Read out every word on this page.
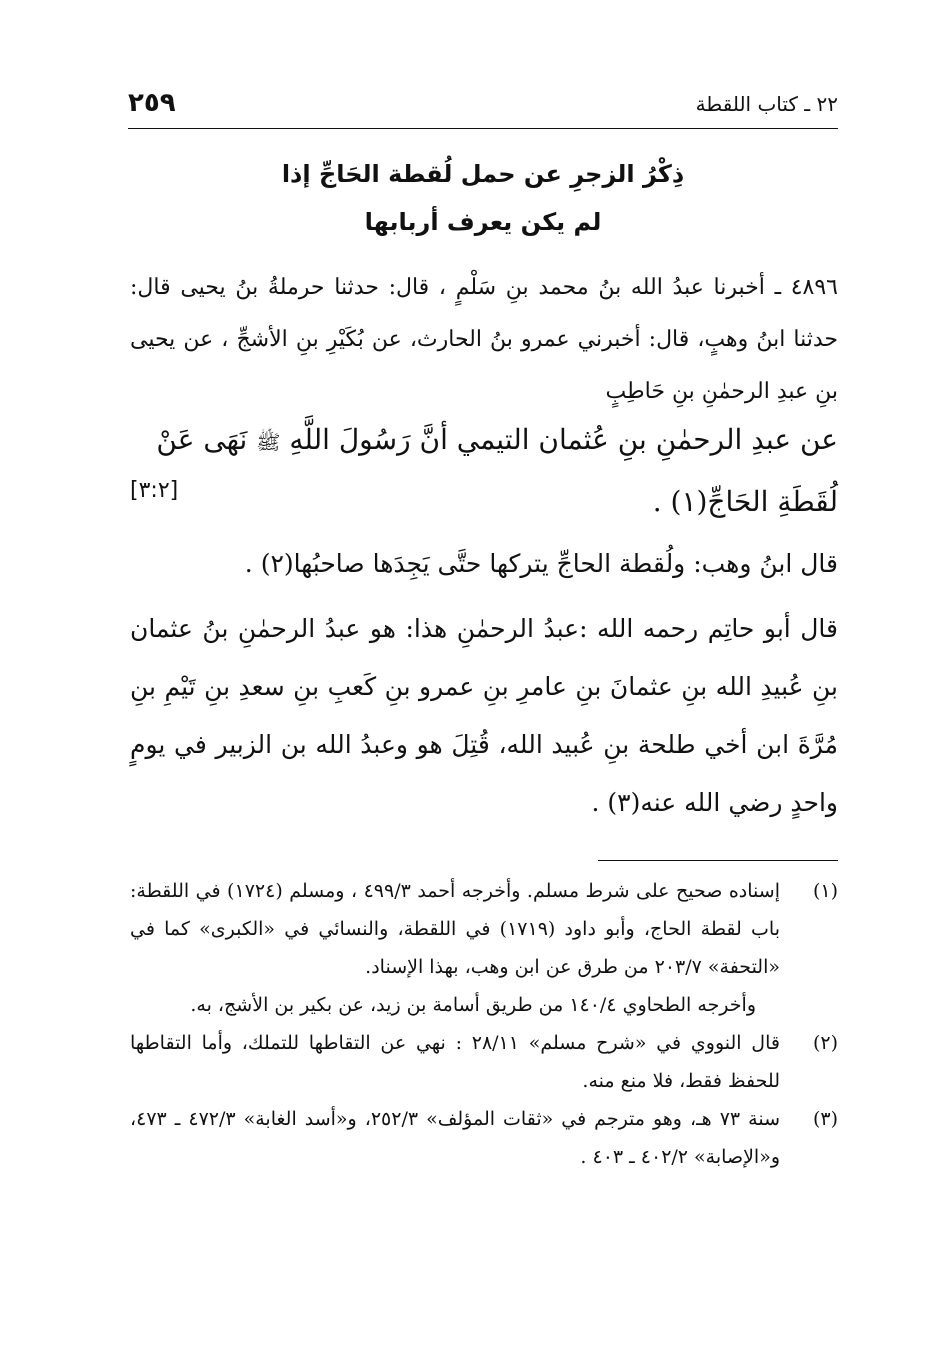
٢٢ ـ كتاب اللقطة
٢٥٩
ذِكْرُ الزجرِ عن حمل لُقطة الحَاجِّ إذا
لم يكن يعرف أربابها
٤٨٩٦ ـ أخبرنا عبدُ الله بنُ محمد بنِ سَلْمٍ ، قال: حدثنا حرملةُ بنُ يحيى قال: حدثنا ابنُ وهبٍ، قال: أخبرني عمرو بنُ الحارث، عن بُكَيْرِ بنِ الأشجِّ ، عن يحيى بنِ عبدِ الرحمٰنِ بنِ حَاطِبٍ
عن عبدِ الرحمٰنِ بنِ عُثمان التيمي أنَّ رَسُولَ اللَّهِ ﷺ نَهَى عَنْ
لُقَطَةِ الحَاجِّ(١) .
[٣:٢]
قال ابنُ وهب: ولُقطة الحاجِّ يتركها حتَّى يَجِدَها صاحبُها(٢) .
قال أبو حاتِم رحمه الله :عبدُ الرحمٰنِ هذا: هو عبدُ الرحمٰنِ بنُ عثمان بنِ عُبيدِ الله بنِ عثمانَ بنِ عامرِ بنِ عمرو بنِ كَعبِ بنِ سعدِ بنِ تَيْمِ بنِ مُرَّةَ ابن أخي طلحة بنِ عُبيد الله، قُتِلَ هو وعبدُ الله بن الزبير في يومٍ واحدٍ رضي الله عنه(٣) .
(١)
إسناده صحيح على شرط مسلم. وأخرجه أحمد ٤٩٩/٣ ، ومسلم (١٧٢٤) في اللقطة: باب لقطة الحاج، وأبو داود (١٧١٩) في اللقطة، والنسائي في «الكبرى» كما في «التحفة» ٢٠٣/٧ من طرق عن ابن وهب، بهذا الإسناد.
وأخرجه الطحاوي ١٤٠/٤ من طريق أسامة بن زيد، عن بكير بن الأشج، به.
(٢)
قال النووي في «شرح مسلم» ٢٨/١١ : نهي عن التقاطها للتملك، وأما التقاطها للحفظ فقط، فلا منع منه.
(٣)
سنة ٧٣ هـ، وهو مترجم في «ثقات المؤلف» ٢٥٢/٣، و«أسد الغابة» ٤٧٢/٣ ـ ٤٧٣، و«الإصابة» ٤٠٢/٢ ـ ٤٠٣ .
